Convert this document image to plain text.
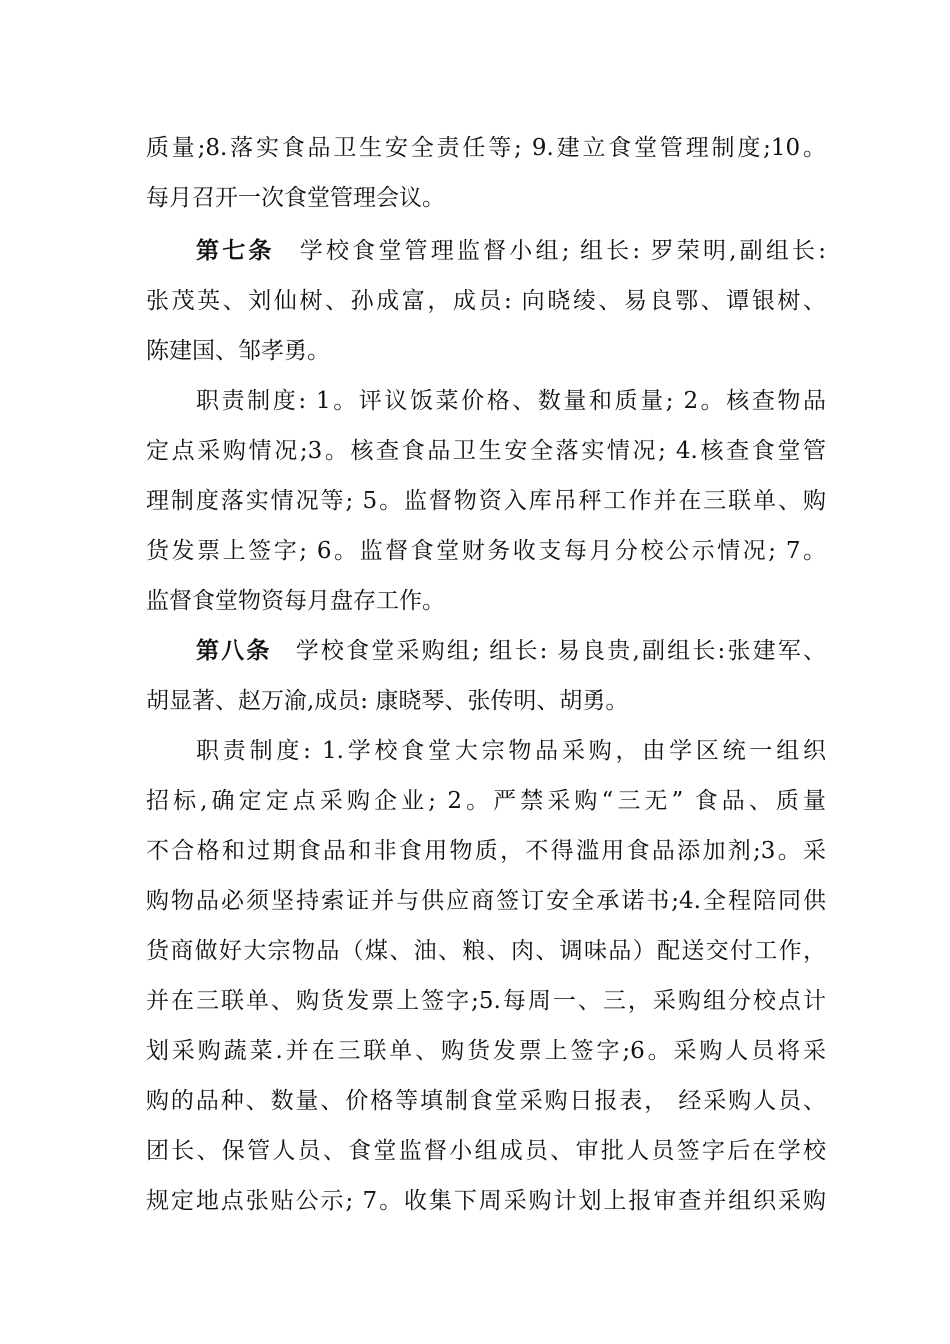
质量;8.落实食品卫生安全责任等; 9.建立食堂管理制度;10。
每月召开一次食堂管理会议。
第七条 学校食堂管理监督小组; 组长: 罗荣明,副组长:
张茂英、刘仙树、孙成富，成员: 向晓绫、易良鄂、谭银树、
陈建国、邹孝勇。
职责制度: 1。评议饭菜价格、数量和质量; 2。核查物品
定点采购情况;3。核查食品卫生安全落实情况; 4.核查食堂管
理制度落实情况等; 5。监督物资入库吊秤工作并在三联单、购
货发票上签字; 6。监督食堂财务收支每月分校公示情况; 7。
监督食堂物资每月盘存工作。
第八条 学校食堂采购组; 组长: 易良贵,副组长:张建军、
胡显著、赵万渝,成员: 康晓琴、张传明、胡勇。
职责制度: 1.学校食堂大宗物品采购，由学区统一组织
招标,确定定点采购企业; 2。严禁采购“三无” 食品、质量
不合格和过期食品和非食用物质，不得滥用食品添加剂;3。采
购物品必须坚持索证并与供应商签订安全承诺书;4.全程陪同供
货商做好大宗物品（煤、油、粮、肉、调味品）配送交付工作，
并在三联单、购货发票上签字;5.每周一、三，采购组分校点计
划采购蔬菜.并在三联单、购货发票上签字;6。采购人员将采
购的品种、数量、价格等填制食堂采购日报表， 经采购人员、
团长、保管人员、食堂监督小组成员、审批人员签字后在学校
规定地点张贴公示; 7。收集下周采购计划上报审查并组织采购
